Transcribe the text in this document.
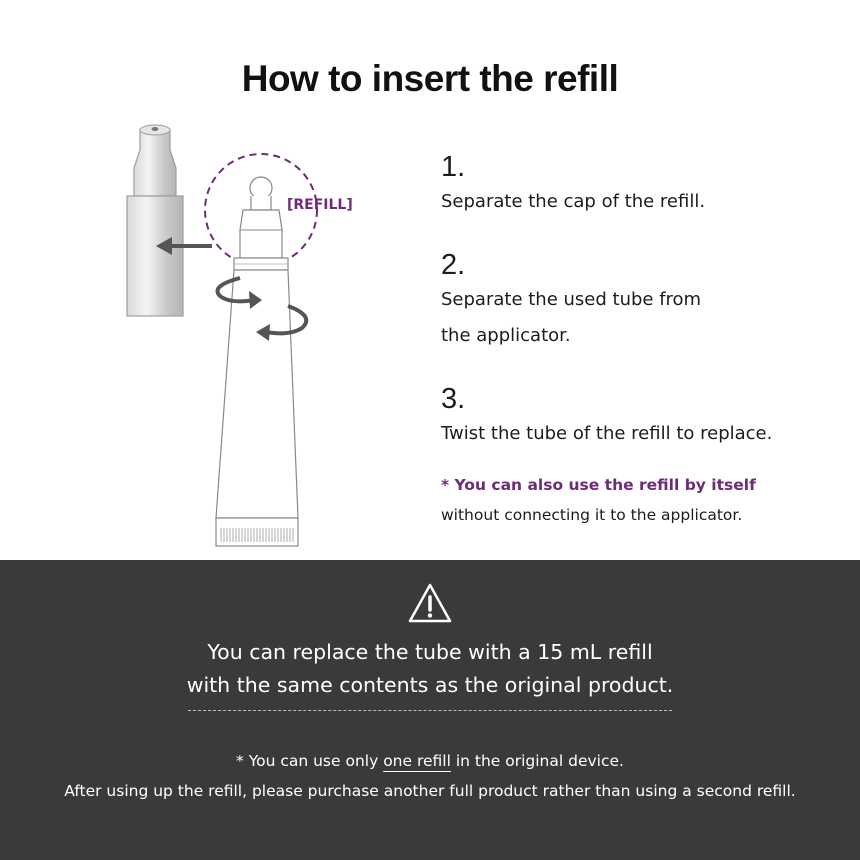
How to insert the refill
[REFILL]
1.
Separate the cap of the refill.
2.
Separate the used tube from
the applicator.
3.
Twist the tube of the refill to replace.
* You can also use the refill by itself
without connecting it to the applicator.
You can replace the tube with a 15 mL refill
with the same contents as the original product.
* You can use only one refill in the original device.
After using up the refill, please purchase another full product rather than using a second refill.
